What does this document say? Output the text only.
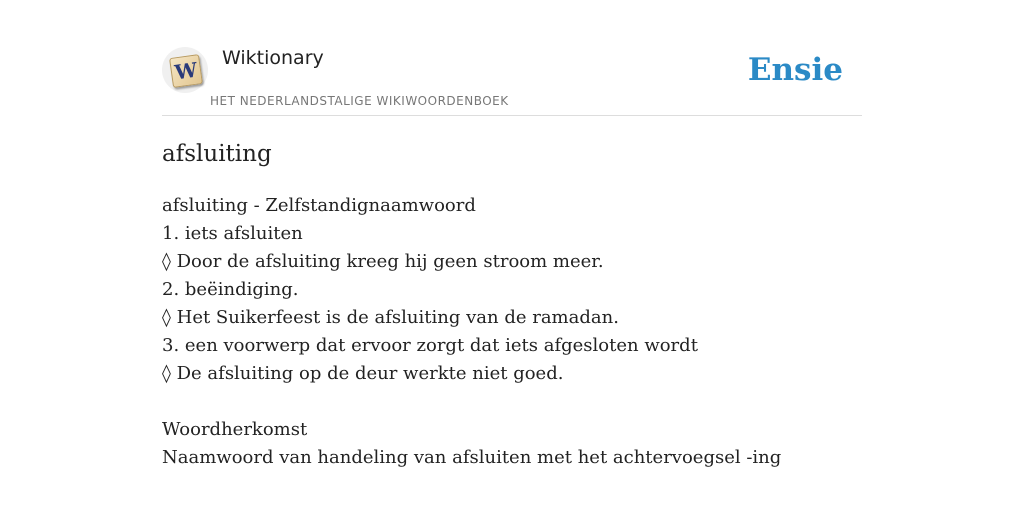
W Wiktionary
HET NEDERLANDSTALIGE WIKIWOORDENBOEK
Ensie
afsluiting
afsluiting - Zelfstandignaamwoord
1. iets afsluiten
◊ Door de afsluiting kreeg hij geen stroom meer.
2. beëindiging.
◊ Het Suikerfeest is de afsluiting van de ramadan.
3. een voorwerp dat ervoor zorgt dat iets afgesloten wordt
◊ De afsluiting op de deur werkte niet goed.
Woordherkomst
Naamwoord van handeling van afsluiten met het achtervoegsel -ing
